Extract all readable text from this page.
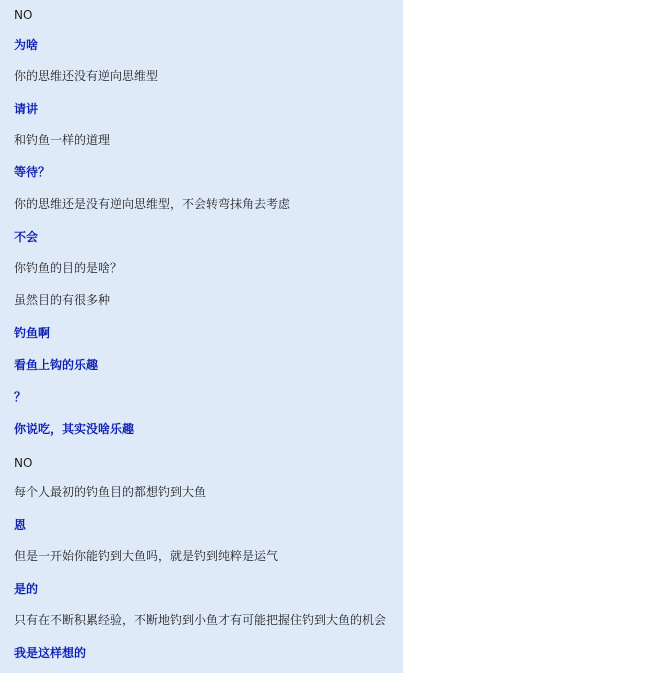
NO
为啥
你的思维还没有逆向思维型
请讲
和钓鱼一样的道理
等待？
你的思维还是没有逆向思维型，不会转弯抹角去考虑
不会
你钓鱼的目的是啥？
虽然目的有很多种
钓鱼啊
看鱼上钩的乐趣
？
你说吃，其实没啥乐趣
NO
每个人最初的钓鱼目的都想钓到大鱼
恩
但是一开始你能钓到大鱼吗，就是钓到纯粹是运气
是的
只有在不断积累经验，不断地钓到小鱼才有可能把握住钓到大鱼的机会
我是这样想的
